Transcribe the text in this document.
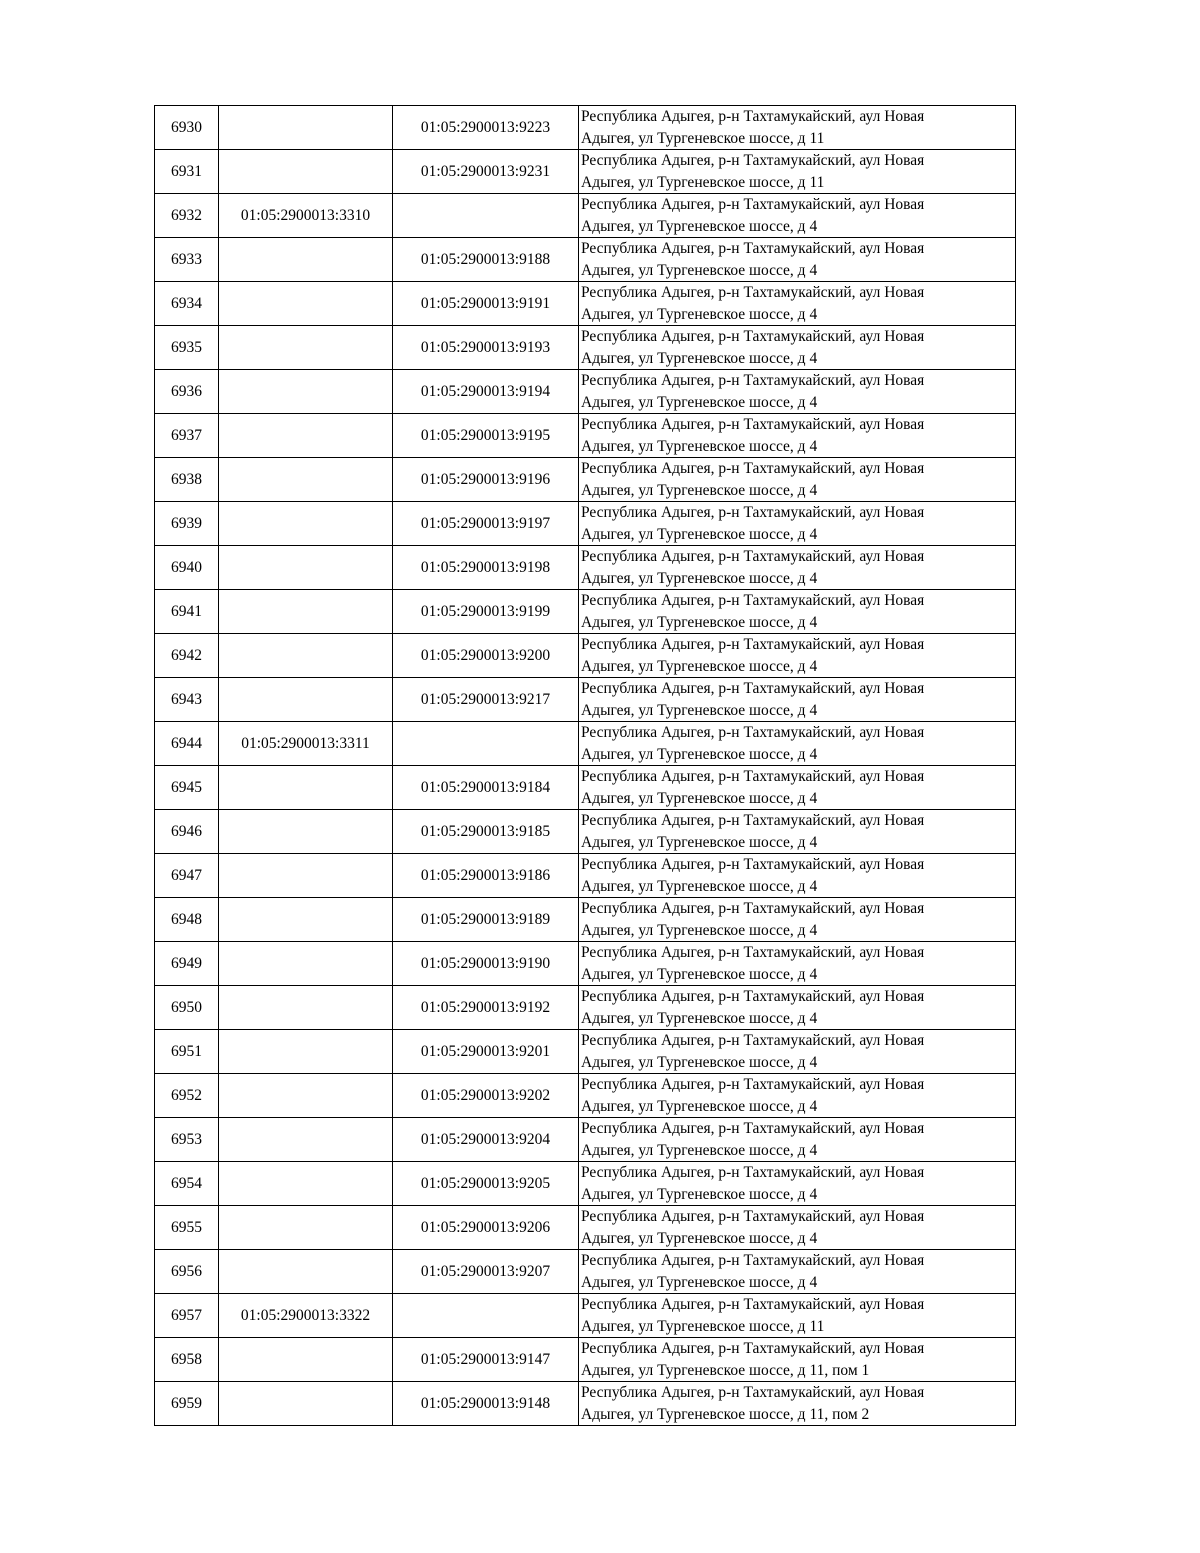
6930		01:05:2900013:9223	Республика Адыгея, р-н Тахтамукайский, аул Новая
Адыгея, ул Тургеневское шоссе, д 11

6931		01:05:2900013:9231	Республика Адыгея, р-н Тахтамукайский, аул Новая
Адыгея, ул Тургеневское шоссе, д 11

6932	01:05:2900013:3310		Республика Адыгея, р-н Тахтамукайский, аул Новая
Адыгея, ул Тургеневское шоссе, д 4

6933		01:05:2900013:9188	Республика Адыгея, р-н Тахтамукайский, аул Новая
Адыгея, ул Тургеневское шоссе, д 4

6934		01:05:2900013:9191	Республика Адыгея, р-н Тахтамукайский, аул Новая
Адыгея, ул Тургеневское шоссе, д 4

6935		01:05:2900013:9193	Республика Адыгея, р-н Тахтамукайский, аул Новая
Адыгея, ул Тургеневское шоссе, д 4

6936		01:05:2900013:9194	Республика Адыгея, р-н Тахтамукайский, аул Новая
Адыгея, ул Тургеневское шоссе, д 4

6937		01:05:2900013:9195	Республика Адыгея, р-н Тахтамукайский, аул Новая
Адыгея, ул Тургеневское шоссе, д 4

6938		01:05:2900013:9196	Республика Адыгея, р-н Тахтамукайский, аул Новая
Адыгея, ул Тургеневское шоссе, д 4

6939		01:05:2900013:9197	Республика Адыгея, р-н Тахтамукайский, аул Новая
Адыгея, ул Тургеневское шоссе, д 4

6940		01:05:2900013:9198	Республика Адыгея, р-н Тахтамукайский, аул Новая
Адыгея, ул Тургеневское шоссе, д 4

6941		01:05:2900013:9199	Республика Адыгея, р-н Тахтамукайский, аул Новая
Адыгея, ул Тургеневское шоссе, д 4

6942		01:05:2900013:9200	Республика Адыгея, р-н Тахтамукайский, аул Новая
Адыгея, ул Тургеневское шоссе, д 4

6943		01:05:2900013:9217	Республика Адыгея, р-н Тахтамукайский, аул Новая
Адыгея, ул Тургеневское шоссе, д 4

6944	01:05:2900013:3311		Республика Адыгея, р-н Тахтамукайский, аул Новая
Адыгея, ул Тургеневское шоссе, д 4

6945		01:05:2900013:9184	Республика Адыгея, р-н Тахтамукайский, аул Новая
Адыгея, ул Тургеневское шоссе, д 4

6946		01:05:2900013:9185	Республика Адыгея, р-н Тахтамукайский, аул Новая
Адыгея, ул Тургеневское шоссе, д 4

6947		01:05:2900013:9186	Республика Адыгея, р-н Тахтамукайский, аул Новая
Адыгея, ул Тургеневское шоссе, д 4

6948		01:05:2900013:9189	Республика Адыгея, р-н Тахтамукайский, аул Новая
Адыгея, ул Тургеневское шоссе, д 4

6949		01:05:2900013:9190	Республика Адыгея, р-н Тахтамукайский, аул Новая
Адыгея, ул Тургеневское шоссе, д 4

6950		01:05:2900013:9192	Республика Адыгея, р-н Тахтамукайский, аул Новая
Адыгея, ул Тургеневское шоссе, д 4

6951		01:05:2900013:9201	Республика Адыгея, р-н Тахтамукайский, аул Новая
Адыгея, ул Тургеневское шоссе, д 4

6952		01:05:2900013:9202	Республика Адыгея, р-н Тахтамукайский, аул Новая
Адыгея, ул Тургеневское шоссе, д 4

6953		01:05:2900013:9204	Республика Адыгея, р-н Тахтамукайский, аул Новая
Адыгея, ул Тургеневское шоссе, д 4

6954		01:05:2900013:9205	Республика Адыгея, р-н Тахтамукайский, аул Новая
Адыгея, ул Тургеневское шоссе, д 4

6955		01:05:2900013:9206	Республика Адыгея, р-н Тахтамукайский, аул Новая
Адыгея, ул Тургеневское шоссе, д 4

6956		01:05:2900013:9207	Республика Адыгея, р-н Тахтамукайский, аул Новая
Адыгея, ул Тургеневское шоссе, д 4

6957	01:05:2900013:3322		Республика Адыгея, р-н Тахтамукайский, аул Новая
Адыгея, ул Тургеневское шоссе, д 11

6958		01:05:2900013:9147	Республика Адыгея, р-н Тахтамукайский, аул Новая
Адыгея, ул Тургеневское шоссе, д 11, пом 1

6959		01:05:2900013:9148	Республика Адыгея, р-н Тахтамукайский, аул Новая
Адыгея, ул Тургеневское шоссе, д 11, пом 2
